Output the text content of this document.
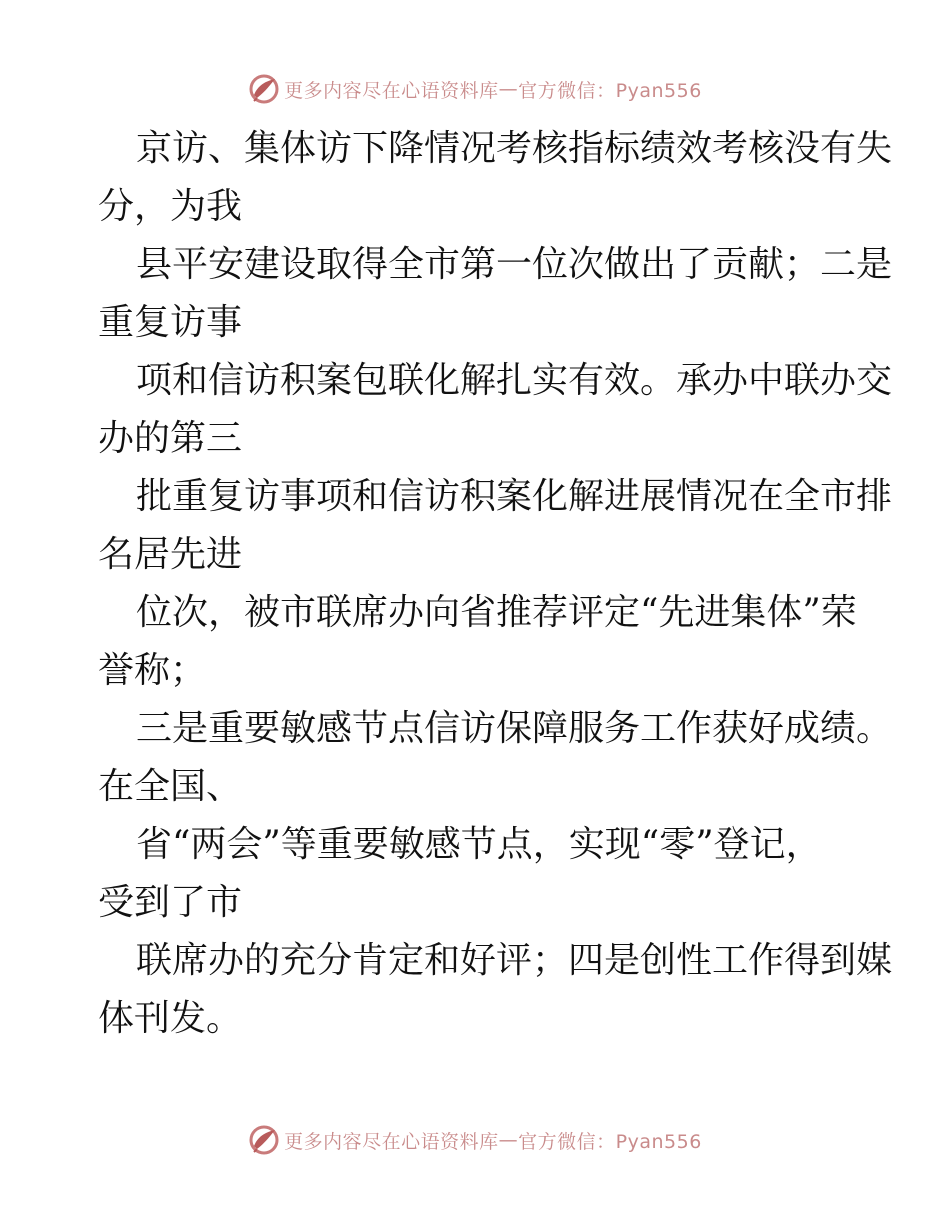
更多内容尽在心语资料库 — 官方微信：Pyan556
京访、集体访下降情况考核指标绩效考核没有失
分，为我
县平安建设取得全市第一位次做出了贡献；二是
重复访事
项和信访积案包联化解扎实有效。承办中联办交
办的第三
批重复访事项和信访积案化解进展情况在全市排
名居先进
位次，被市联席办向省推荐评定“先进集体”荣
誉称；
三是重要敏感节点信访保障服务工作获好成绩。
在全国、
省“两会”等重要敏感节点，实现“零”登记，
受到了市
联席办的充分肯定和好评；四是创性工作得到媒
体刊发。
更多内容尽在心语资料库 — 官方微信：Pyan556
